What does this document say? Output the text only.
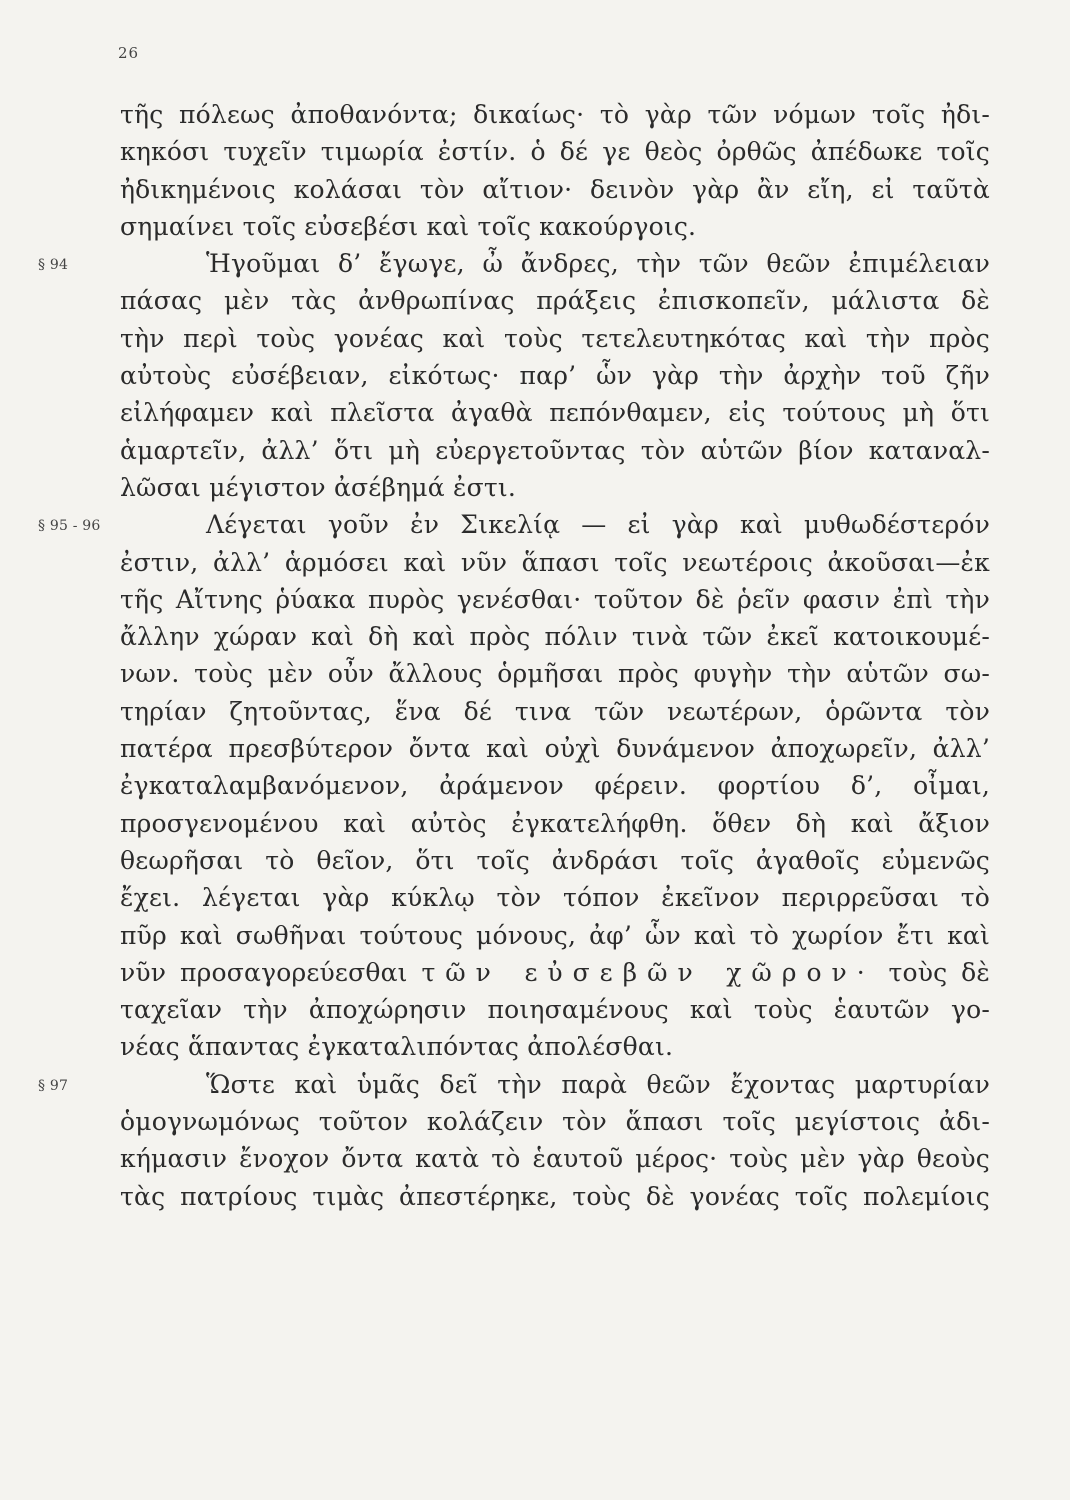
26
τῆς πόλεως ἀποθανόντα; δικαίως· τὸ γὰρ τῶν νόμων τοῖς ἠδι-
κηκόσι τυχεῖν τιμωρία ἐστίν. ὁ δέ γε θεὸς ὀρθῶς ἀπέδωκε τοῖς
ἠδικημένοις κολάσαι τὸν αἴτιον· δεινὸν γὰρ ἂν εἴη, εἰ ταῦτὰ
σημαίνει τοῖς εὐσεβέσι καὶ τοῖς κακούργοις.
§ 94	Ἡγοῦμαι δ’ ἔγωγε, ὦ ἄνδρες, τὴν τῶν θεῶν ἐπιμέλειαν
πάσας μὲν τὰς ἀνθρωπίνας πράξεις ἐπισκοπεῖν, μάλιστα δὲ
τὴν περὶ τοὺς γονέας καὶ τοὺς τετελευτηκότας καὶ τὴν πρὸς
αὐτοὺς εὐσέβειαν, εἰκότως· παρ’ ὧν γὰρ τὴν ἀρχὴν τοῦ ζῆν
εἰλήφαμεν καὶ πλεῖστα ἀγαθὰ πεπόνθαμεν, εἰς τούτους μὴ ὅτι
ἁμαρτεῖν, ἀλλ’ ὅτι μὴ εὐεργετοῦντας τὸν αὑτῶν βίον καταναλ-
λῶσαι μέγιστον ἀσέβημά ἐστι.
§ 95 - 96	Λέγεται γοῦν ἐν Σικελίᾳ — εἰ γὰρ καὶ μυθωδέστερόν
ἐστιν, ἀλλ’ ἁρμόσει καὶ νῦν ἅπασι τοῖς νεωτέροις ἀκοῦσαι—ἐκ
τῆς Αἴτνης ῥύακα πυρὸς γενέσθαι· τοῦτον δὲ ῥεῖν φασιν ἐπὶ τὴν
ἄλλην χώραν καὶ δὴ καὶ πρὸς πόλιν τινὰ τῶν ἐκεῖ κατοικουμέ-
νων. τοὺς μὲν οὖν ἄλλους ὁρμῆσαι πρὸς φυγὴν τὴν αὑτῶν σω-
τηρίαν ζητοῦντας, ἕνα δέ τινα τῶν νεωτέρων, ὁρῶντα τὸν
πατέρα πρεσβύτερον ὄντα καὶ οὐχὶ δυνάμενον ἀποχωρεῖν, ἀλλ’
ἐγκαταλαμβανόμενον, ἀράμενον φέρειν. φορτίου δ’, οἶμαι,
προσγενομένου καὶ αὐτὸς ἐγκατελήφθη. ὅθεν δὴ καὶ ἄξιον
θεωρῆσαι τὸ θεῖον, ὅτι τοῖς ἀνδράσι τοῖς ἀγαθοῖς εὐμενῶς
ἔχει. λέγεται γὰρ κύκλῳ τὸν τόπον ἐκεῖνον περιρρεῦσαι τὸ
πῦρ καὶ σωθῆναι τούτους μόνους, ἀφ’ ὧν καὶ τὸ χωρίον ἔτι καὶ
νῦν προσαγορεύεσθαι τῶν εὐσεβῶν χῶρον· τοὺς δὲ
ταχεῖαν τὴν ἀποχώρησιν ποιησαμένους καὶ τοὺς ἑαυτῶν γο-
νέας ἅπαντας ἐγκαταλιπόντας ἀπολέσθαι.
§ 97	Ὥστε καὶ ὑμᾶς δεῖ τὴν παρὰ θεῶν ἔχοντας μαρτυρίαν
ὁμογνωμόνως τοῦτον κολάζειν τὸν ἅπασι τοῖς μεγίστοις ἀδι-
κήμασιν ἔνοχον ὄντα κατὰ τὸ ἑαυτοῦ μέρος· τοὺς μὲν γὰρ θεοὺς
τὰς πατρίους τιμὰς ἀπεστέρηκε, τοὺς δὲ γονέας τοῖς πολεμίοις
